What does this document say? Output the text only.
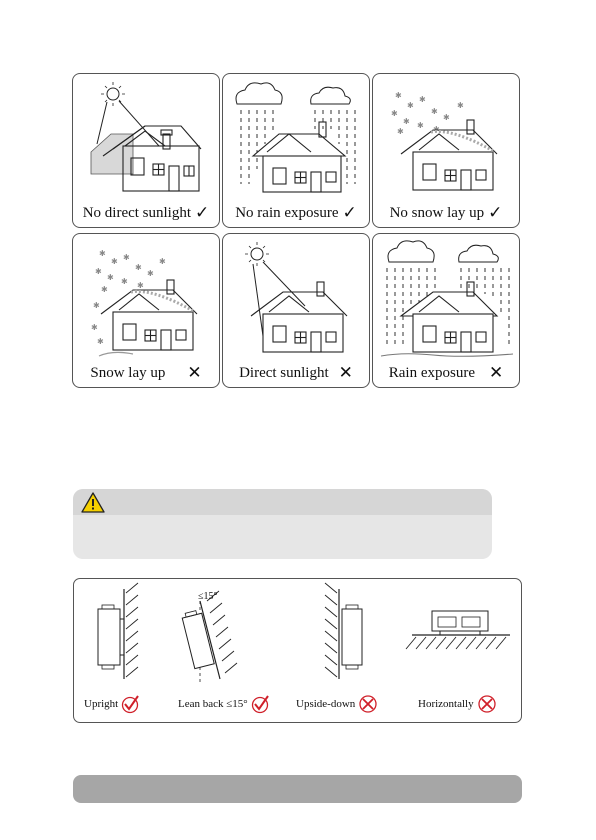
No direct sunlight ✓ No rain exposure ✓
✱
✱
✱
✱
✱
✱
✱
✱
✱
✱
✱
No snow lay up ✓
✱
✱
✱
✱
✱
✱
✱
✱
✱
✱
✱
✱
✱
✱
Snow lay up ✕ Direct sunlight ✕ Rain exposure ✕
≤15°
Upright	Lean back ≤15°	Upside-down	Horizontally
